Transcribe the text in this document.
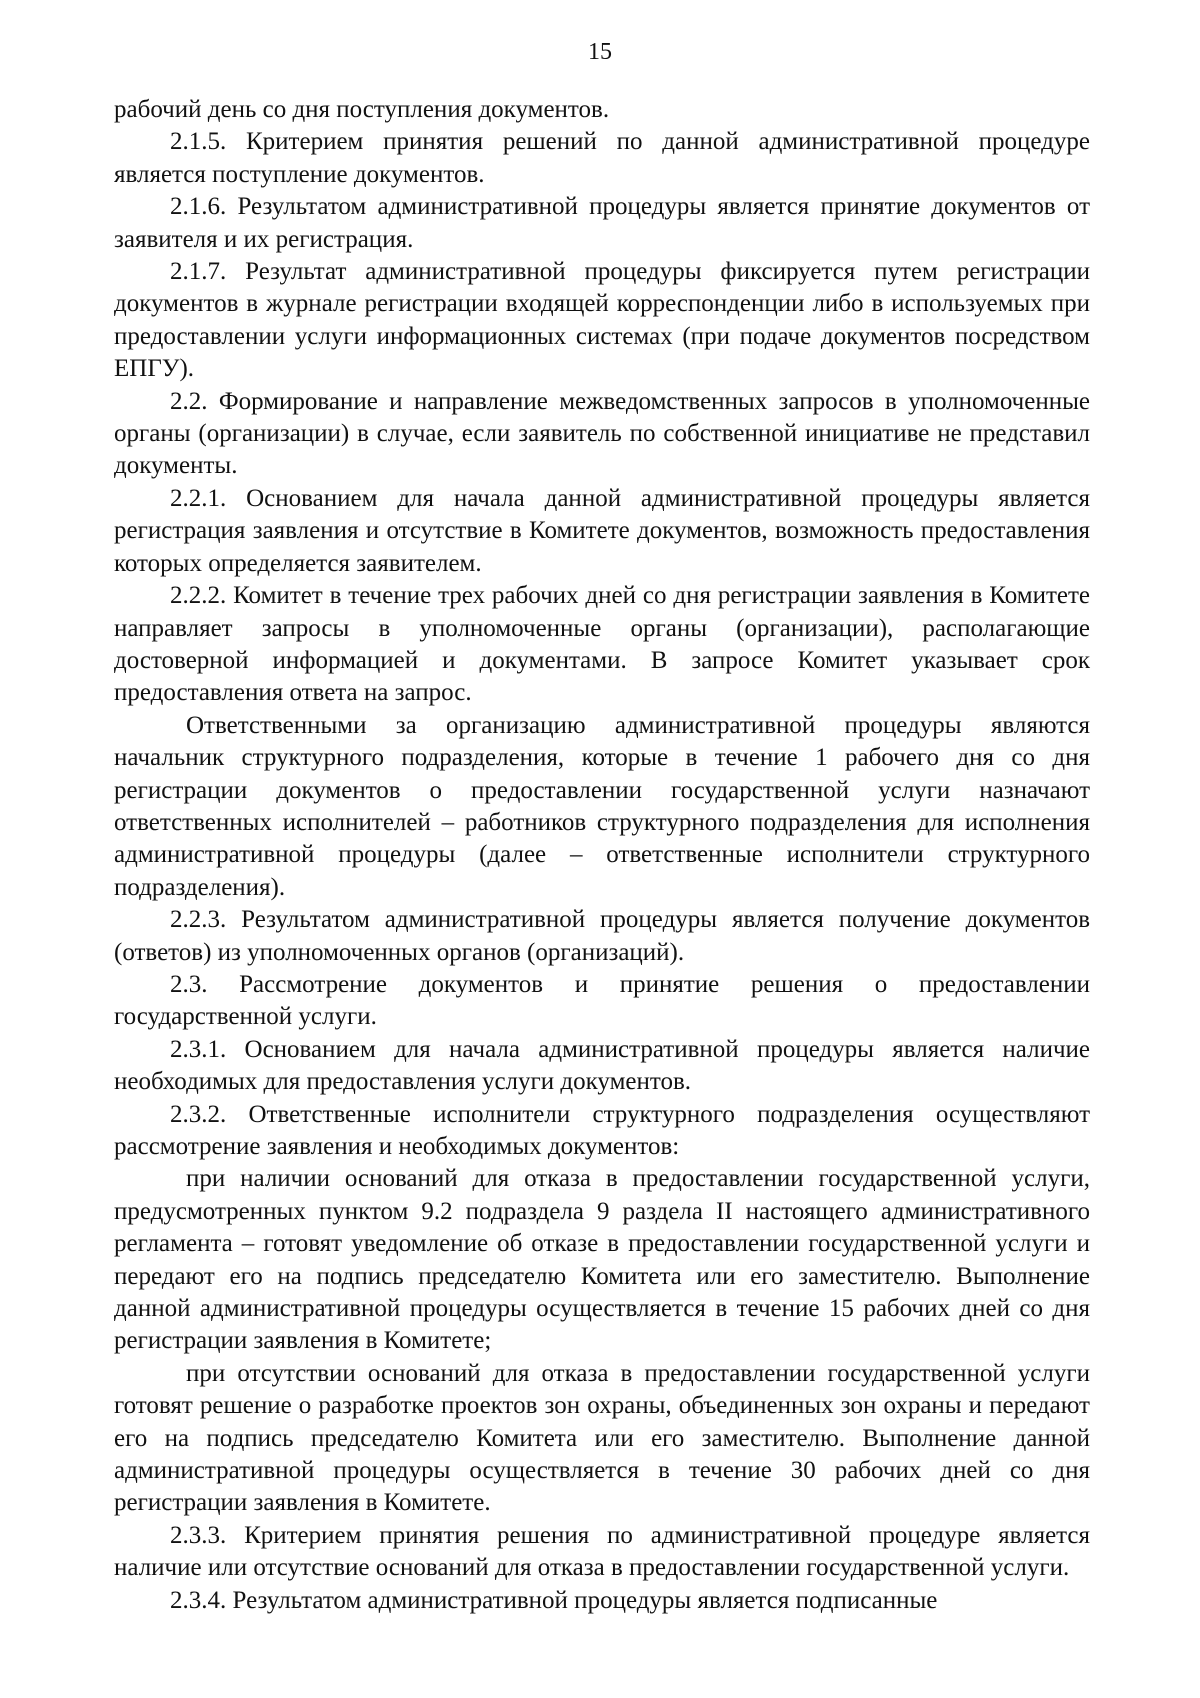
15

рабочий день со дня поступления документов.

2.1.5. Критерием принятия решений по данной административной процедуре является поступление документов.

2.1.6. Результатом административной процедуры является принятие документов от заявителя и их регистрация.

2.1.7. Результат административной процедуры фиксируется путем регистрации документов в журнале регистрации входящей корреспонденции либо в используемых при предоставлении услуги информационных системах (при подаче документов посредством ЕПГУ).

2.2. Формирование и направление межведомственных запросов в уполномоченные органы (организации) в случае, если заявитель по собственной инициативе не представил документы.

2.2.1. Основанием для начала данной административной процедуры является регистрация заявления и отсутствие в Комитете документов, возможность предоставления которых определяется заявителем.

2.2.2. Комитет в течение трех рабочих дней со дня регистрации заявления в Комитете направляет запросы в уполномоченные органы (организации), располагающие достоверной информацией и документами. В запросе Комитет указывает срок предоставления ответа на запрос.

Ответственными за организацию административной процедуры являются начальник структурного подразделения, которые в течение 1 рабочего дня со дня регистрации документов о предоставлении государственной услуги назначают ответственных исполнителей – работников структурного подразделения для исполнения административной процедуры (далее – ответственные исполнители структурного подразделения).

2.2.3. Результатом административной процедуры является получение документов (ответов) из уполномоченных органов (организаций).

2.3. Рассмотрение документов и принятие решения о предоставлении государственной услуги.

2.3.1. Основанием для начала административной процедуры является наличие необходимых для предоставления услуги документов.

2.3.2. Ответственные исполнители структурного подразделения осуществляют рассмотрение заявления и необходимых документов:

при наличии оснований для отказа в предоставлении государственной услуги, предусмотренных пунктом 9.2 подраздела 9 раздела II настоящего административного регламента – готовят уведомление об отказе в предоставлении государственной услуги и передают его на подпись председателю Комитета или его заместителю. Выполнение данной административной процедуры осуществляется в течение 15 рабочих дней со дня регистрации заявления в Комитете;

при отсутствии оснований для отказа в предоставлении государственной услуги готовят решение о разработке проектов зон охраны, объединенных зон охраны и передают его на подпись председателю Комитета или его заместителю. Выполнение данной административной процедуры осуществляется в течение 30 рабочих дней со дня регистрации заявления в Комитете.

2.3.3. Критерием принятия решения по административной процедуре является наличие или отсутствие оснований для отказа в предоставлении государственной услуги.

2.3.4. Результатом административной процедуры является подписанные
